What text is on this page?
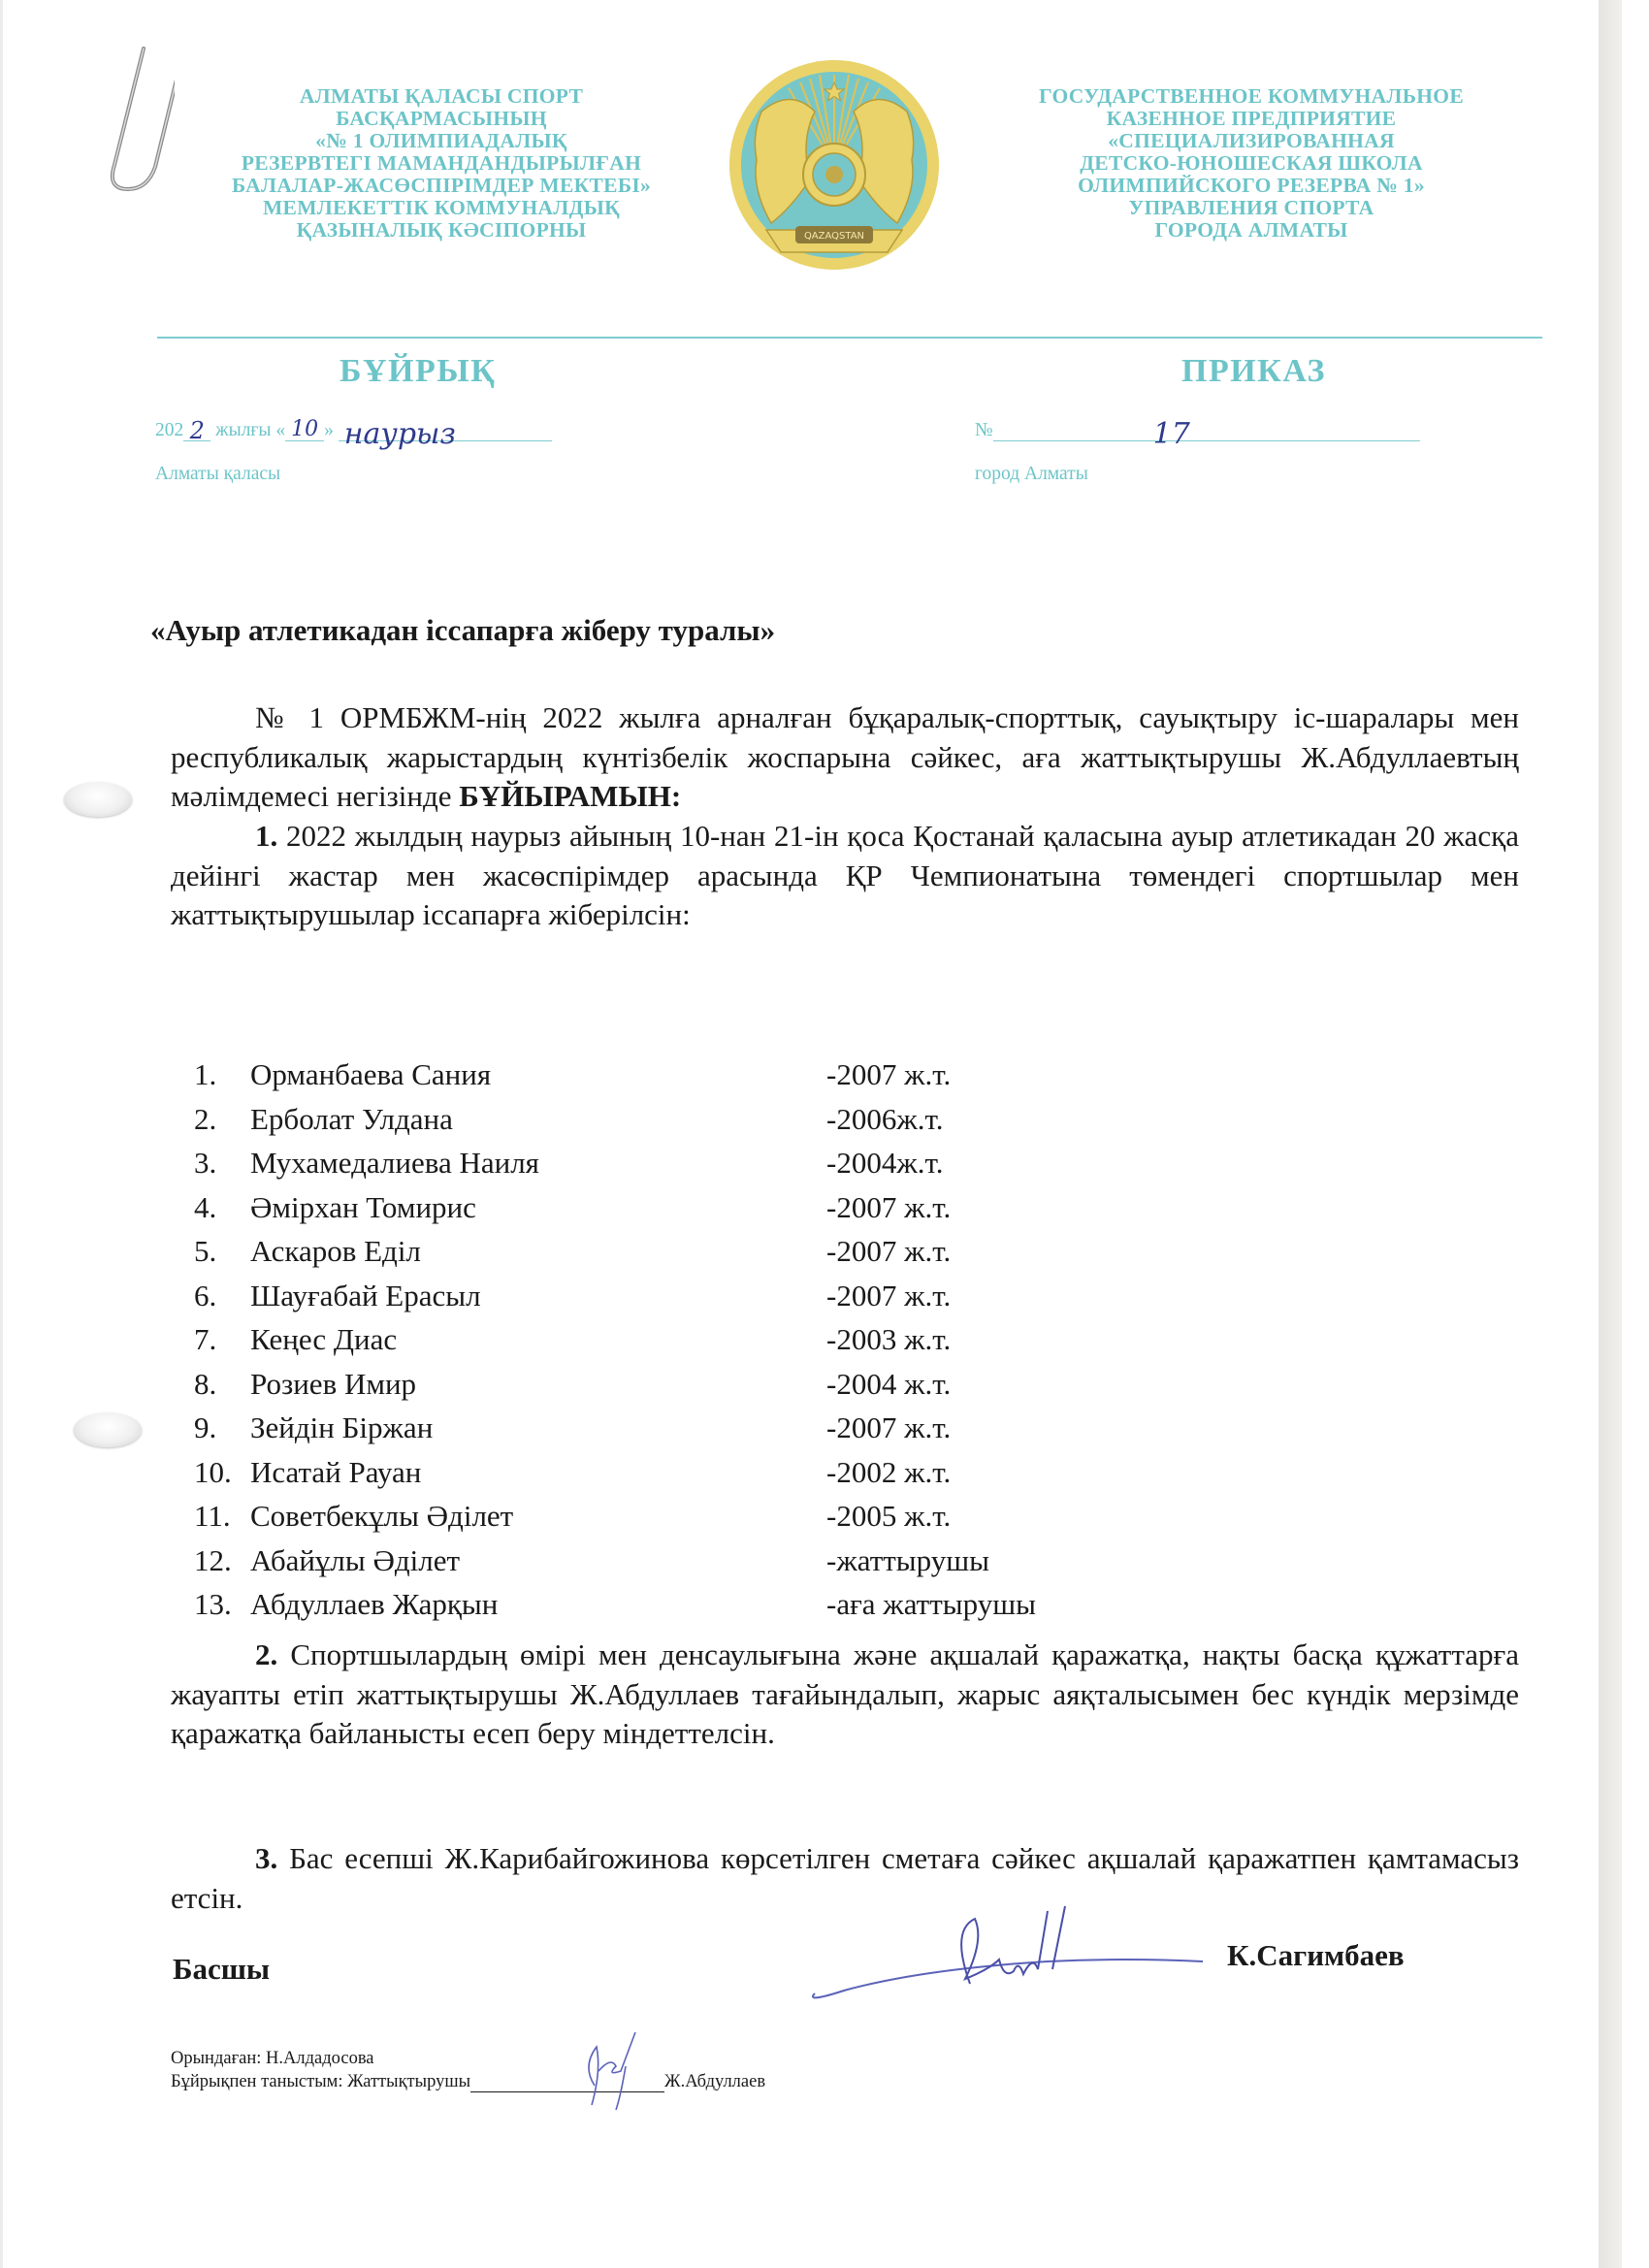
АЛМАТЫ ҚАЛАСЫ СПОРТ
БАСҚАРМАСЫНЫҢ
«№ 1 ОЛИМПИАДАЛЫҚ
РЕЗЕРВТЕГІ МАМАНДАНДЫРЫЛҒАН
БАЛАЛАР-ЖАСӨСПІРІМДЕР МЕКТЕБІ»
МЕМЛЕКЕТТІК КОММУНАЛДЫҚ
ҚАЗЫНАЛЫҚ КӘСІПОРНЫ	QAZAQSTAN
ГОСУДАРСТВЕННОЕ КОММУНАЛЬНОЕ
КАЗЕННОЕ ПРЕДПРИЯТИЕ
«СПЕЦИАЛИЗИРОВАННАЯ
ДЕТСКО-ЮНОШЕСКАЯ ШКОЛА
ОЛИМПИЙСКОГО РЕЗЕРВА № 1»
УПРАВЛЕНИЯ СПОРТА
ГОРОДА АЛМАТЫ
БҰЙРЫҚ	ПРИКАЗ
202 2 жылғы « 10 » наурыз
Алматы қаласы
№	17
город Алматы
«Ауыр атлетикадан іссапарға жіберу туралы»
№ 1 ОРМБЖМ-нің 2022 жылға арналған бұқаралық-спорттық, сауықтыру іс-шаралары мен республикалық жарыстардың күнтізбелік жоспарына сәйкес, аға жаттықтырушы Ж.Абдуллаевтың мәлімдемесі негізінде БҰЙЫРАМЫН:
1. 2022 жылдың наурыз айының 10-нан 21-ін қоса Қостанай қаласына ауыр атлетикадан 20 жасқа дейінгі жастар мен жасөспірімдер арасында ҚР Чемпионатына төмендегі спортшылар мен жаттықтырушылар іссапарға жіберілсін:
1. Орманбаева Сания	-2007 ж.т.
2. Ерболат Улдана	-2006ж.т.
3. Мухамедалиева Наиля	-2004ж.т.
4. Әмірхан Томирис	-2007 ж.т.
5. Аскаров Еділ	-2007 ж.т.
6. Шауғабай Ерасыл	-2007 ж.т.
7. Кеңес Диас	-2003 ж.т.
8. Розиев Имир	-2004 ж.т.
9. Зейдін Біржан	-2007 ж.т.
10. Исатай Рауан	-2002 ж.т.
11. Советбекұлы Әділет	-2005 ж.т.
12. Абайұлы Әділет	-жаттырушы
13. Абдуллаев Жарқын	-аға жаттырушы
2. Спортшылардың өмірі мен денсаулығына және ақшалай қаражатқа, нақты басқа құжаттарға жауапты етіп жаттықтырушы Ж.Абдуллаев тағайындалып, жарыс аяқталысымен бес күндік мерзімде қаражатқа байланысты есеп беру міндеттелсін.
3. Бас есепші Ж.Карибайгожинова көрсетілген сметаға сәйкес ақшалай қаражатпен қамтамасыз етсін.
Басшы	К.Сагимбаев
Орындаған: Н.Алдадосова
Бұйрықпен таныстым: Жаттықтырушы	Ж.Абдуллаев
